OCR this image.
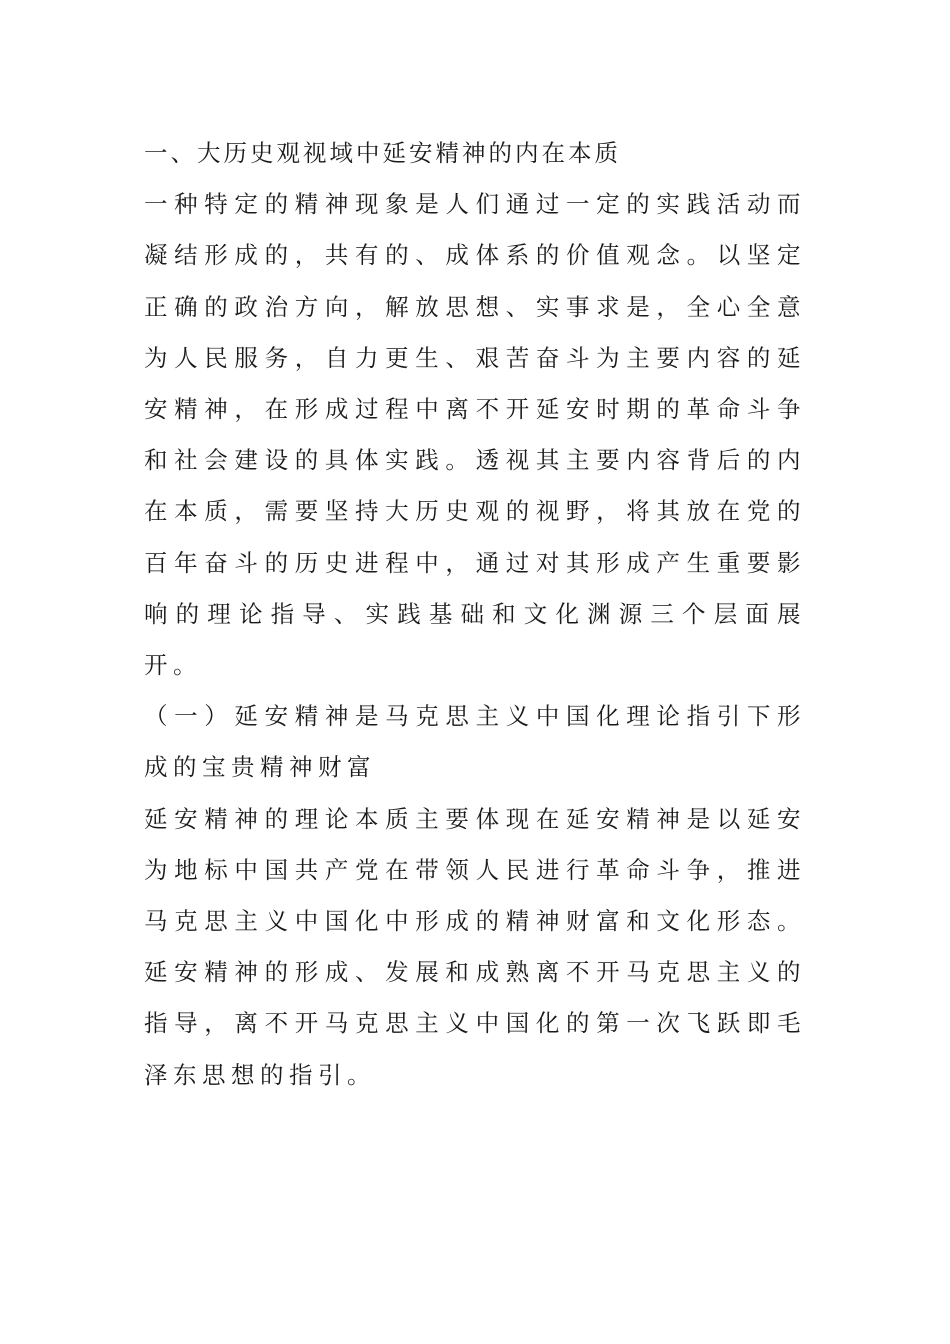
一、大历史观视域中延安精神的内在本质

一种特定的精神现象是人们通过一定的实践活动而凝结形成的，共有的、成体系的价值观念。以坚定正确的政治方向，解放思想、实事求是，全心全意为人民服务，自力更生、艰苦奋斗为主要内容的延安精神，在形成过程中离不开延安时期的革命斗争和社会建设的具体实践。透视其主要内容背后的内在本质，需要坚持大历史观的视野，将其放在党的百年奋斗的历史进程中，通过对其形成产生重要影响的理论指导、实践基础和文化渊源三个层面展开。

（一）延安精神是马克思主义中国化理论指引下形成的宝贵精神财富

延安精神的理论本质主要体现在延安精神是以延安为地标中国共产党在带领人民进行革命斗争，推进马克思主义中国化中形成的精神财富和文化形态。延安精神的形成、发展和成熟离不开马克思主义的指导，离不开马克思主义中国化的第一次飞跃即毛泽东思想的指引。
